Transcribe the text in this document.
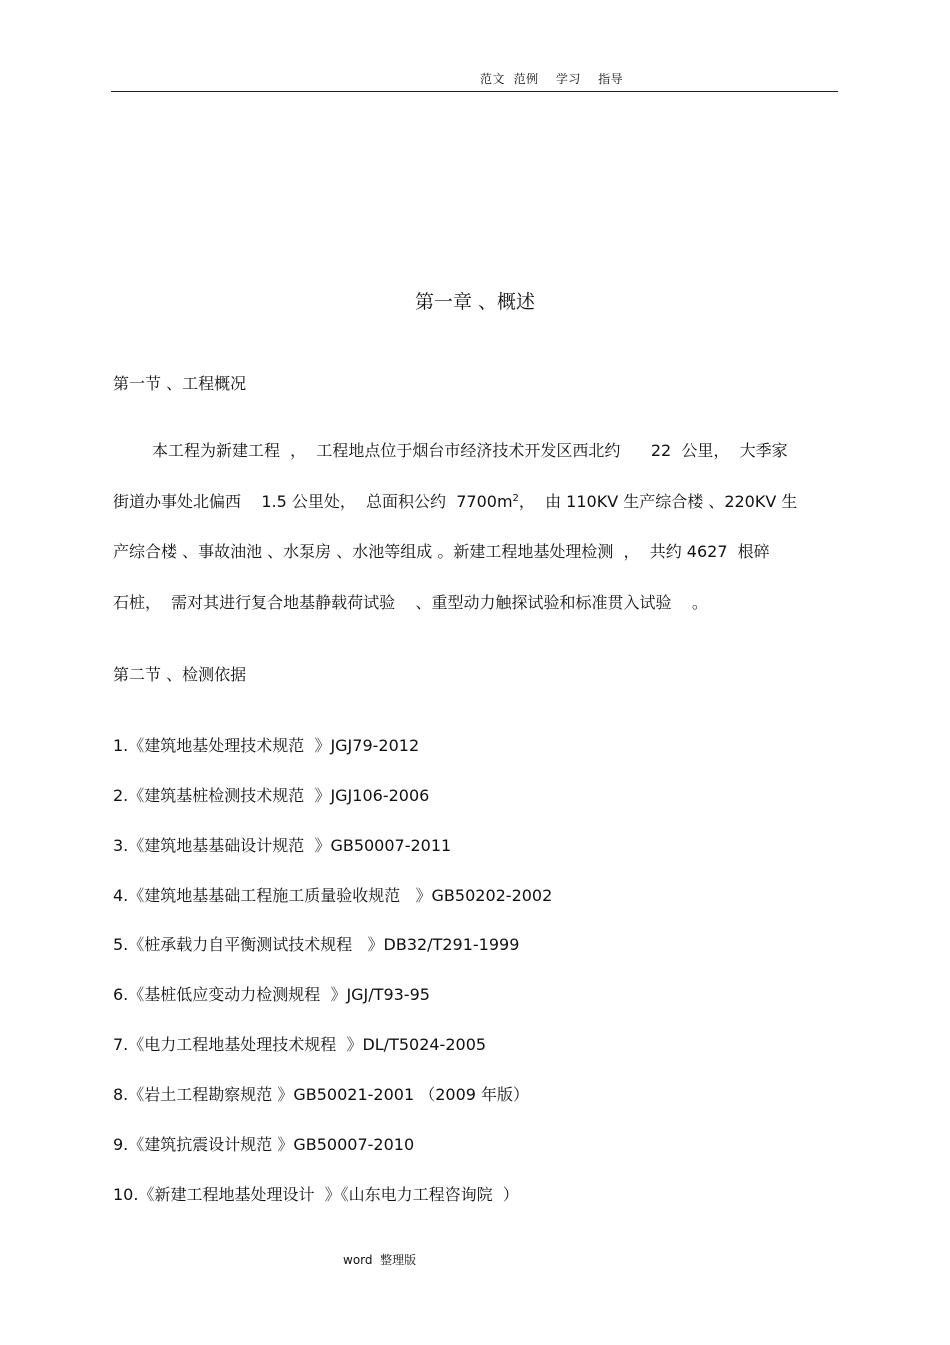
范文  范例    学习    指导
第一章 、概述
第一节 、工程概况
本工程为新建工程  ，  工程地点位于烟台市经济技术开发区西北约      22  公里，  大季家
街道办事处北偏西    1.5 公里处，  总面积公约  $7700m^2$，  由 110KV 生产综合楼 、220KV 生
产综合楼 、事故油池 、水泵房 、水池等组成 。新建工程地基处理检测  ，  共约 4627  根碎
石桩，  需对其进行复合地基静载荷试验    、重型动力触探试验和标准贯入试验    。
第二节 、检测依据
1.《建筑地基处理技术规范  》JGJ79-2012
2.《建筑基桩检测技术规范  》JGJ106-2006
3.《建筑地基基础设计规范  》GB50007-2011
4.《建筑地基基础工程施工质量验收规范   》GB50202-2002
5.《桩承载力自平衡测试技术规程   》DB32/T291-1999
6.《基桩低应变动力检测规程  》JGJ/T93-95
7.《电力工程地基处理技术规程  》DL/T5024-2005
8.《岩土工程勘察规范 》GB50021-2001 （2009 年版）
9.《建筑抗震设计规范 》GB50007-2010
10.《新建工程地基处理设计  》《山东电力工程咨询院  ）
word  整理版
